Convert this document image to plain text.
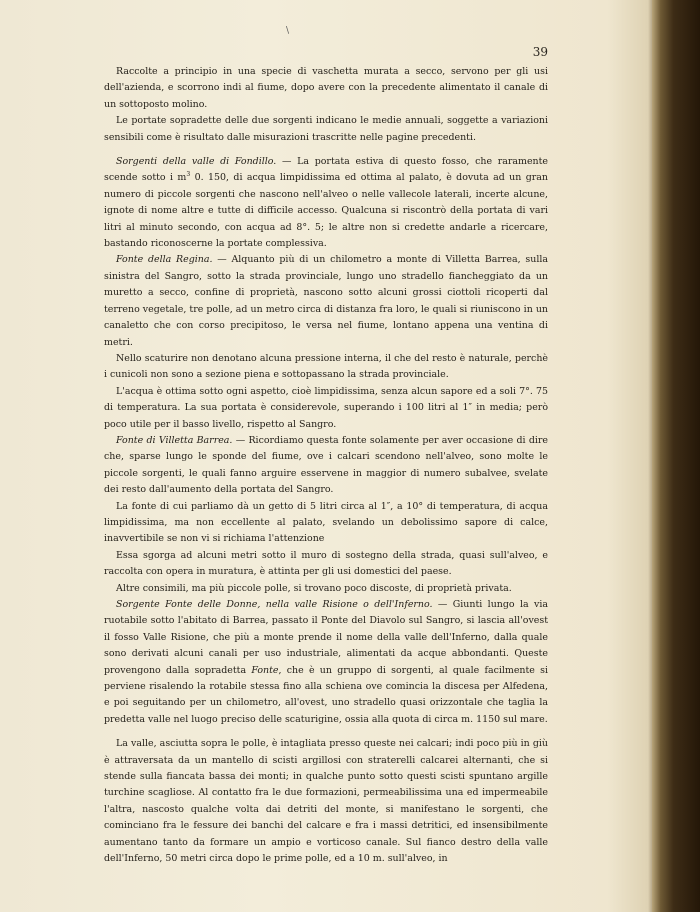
\
39

Raccolte a principio in una specie di vaschetta murata a secco, servono per gli usi dell'azienda, e scorrono indi al fiume, dopo avere con la precedente alimentato il canale di un sottoposto molino.

Le portate sopradette delle due sorgenti indicano le medie annuali, soggette a variazioni sensibili come è risultato dalle misurazioni trascritte nelle pagine precedenti.

Sorgenti della valle di Fondillo. — La portata estiva di questo fosso, che raramente scende sotto i $m^3$ 0. 150, di acqua limpidissima ed ottima al palato, è dovuta ad un gran numero di piccole sorgenti che nascono nell'alveo o nelle vallecole laterali, incerte alcune, ignote di nome altre e tutte di difficile accesso. Qualcuna si riscontrò della portata di vari litri al minuto secondo, con acqua ad 8°. 5; le altre non si credette andarle a ricercare, bastando riconoscerne la portate complessiva.

Fonte della Regina. — Alquanto più di un chilometro a monte di Villetta Barrea, sulla sinistra del Sangro, sotto la strada provinciale, lungo uno stradello fiancheggiato da un muretto a secco, confine di proprietà, nascono sotto alcuni grossi ciottoli ricoperti dal terreno vegetale, tre polle, ad un metro circa di distanza fra loro, le quali si riuniscono in un canaletto che con corso precipitoso, le versa nel fiume, lontano appena una ventina di metri.

Nello scaturire non denotano alcuna pressione interna, il che del resto è naturale, perchè i cunicoli non sono a sezione piena e sottopassano la strada provinciale.

L'acqua è ottima sotto ogni aspetto, cioè limpidissima, senza alcun sapore ed a soli 7°. 75 di temperatura. La sua portata è considerevole, superando i 100 litri al 1″ in media; però poco utile per il basso livello, rispetto al Sangro.

Fonte di Villetta Barrea. — Ricordiamo questa fonte solamente per aver occasione di dire che, sparse lungo le sponde del fiume, ove i calcari scendono nell'alveo, sono molte le piccole sorgenti, le quali fanno arguire esservene in maggior di numero subalvee, svelate dei resto dall'aumento della portata del Sangro.

La fonte di cui parliamo dà un getto di 5 litri circa al 1″, a 10° di temperatura, di acqua limpidissima, ma non eccellente al palato, svelando un debolissimo sapore di calce, inavvertibile se non vi si richiama l'attenzione

Essa sgorga ad alcuni metri sotto il muro di sostegno della strada, quasi sull'alveo, e raccolta con opera in muratura, è attinta per gli usi domestici del paese.

Altre consimili, ma più piccole polle, si trovano poco discoste, di proprietà privata.

Sorgente Fonte delle Donne, nella valle Risione o dell'Inferno. — Giunti lungo la via ruotabile sotto l'abitato di Barrea, passato il Ponte del Diavolo sul Sangro, si lascia all'ovest il fosso Valle Risione, che più a monte prende il nome della valle dell'Inferno, dalla quale sono derivati alcuni canali per uso industriale, alimentati da acque abbondanti. Queste provengono dalla sopradetta Fonte, che è un gruppo di sorgenti, al quale facilmente si perviene risalendo la rotabile stessa fino alla schiena ove comincia la discesa per Alfedena, e poi seguitando per un chilometro, all'ovest, uno stradello quasi orizzontale che taglia la predetta valle nel luogo preciso delle scaturigine, ossia alla quota di circa m. 1150 sul mare.

La valle, asciutta sopra le polle, è intagliata presso queste nei calcari; indi poco più in giù è attraversata da un mantello di scisti argillosi con straterelli calcarei alternanti, che si stende sulla fiancata bassa dei monti; in qualche punto sotto questi scisti spuntano argille turchine scagliose. Al contatto fra le due formazioni, permeabilissima una ed impermeabile l'altra, nascosto qualche volta dai detriti del monte, si manifestano le sorgenti, che cominciano fra le fessure dei banchi del calcare e fra i massi detritici, ed insensibilmente aumentano tanto da formare un ampio e vorticoso canale. Sul fianco destro della valle dell'Inferno, 50 metri circa dopo le prime polle, ed a 10 m. sull'alveo, in
